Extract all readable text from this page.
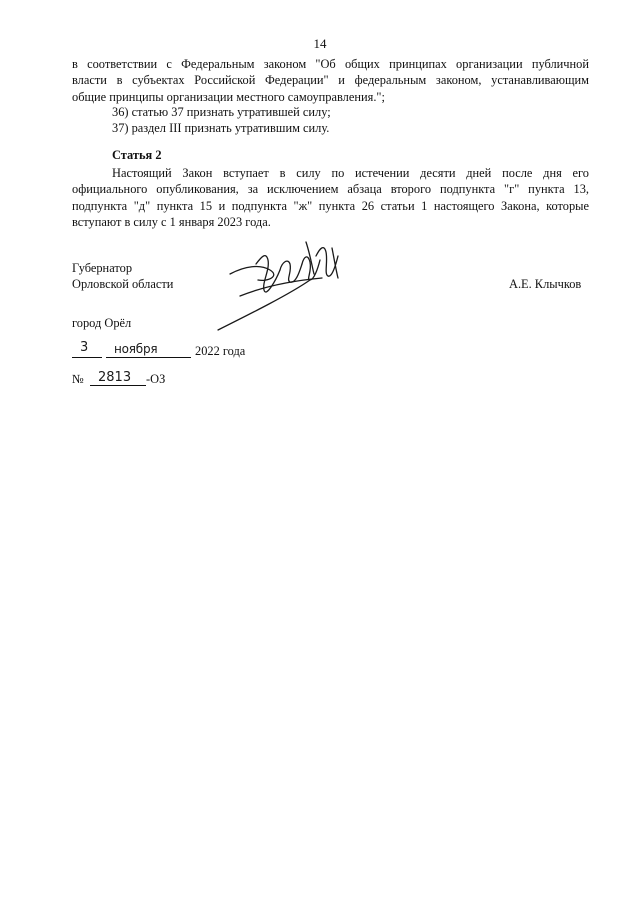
14

в соответствии с Федеральным законом "Об общих принципах организации публичной

власти в субъектах Российской Федерации" и федеральным законом, устанавливающим

общие принципы организации местного самоуправления.";

36) статью 37 признать утратившей силу;

37) раздел III признать утратившим силу.

Статья 2

Настоящий Закон вступает в силу по истечении десяти дней после дня его

официального опубликования, за исключением абзаца второго подпункта "г" пункта 13,

подпункта "д" пункта 15 и подпункта "ж" пункта 26 статьи 1 настоящего Закона, которые

вступают в силу с 1 января 2023 года.

Губернатор
Орловской области	А.Е. Клычков
город Орёл
3 ноября	2022 года
№ 2813 -ОЗ
